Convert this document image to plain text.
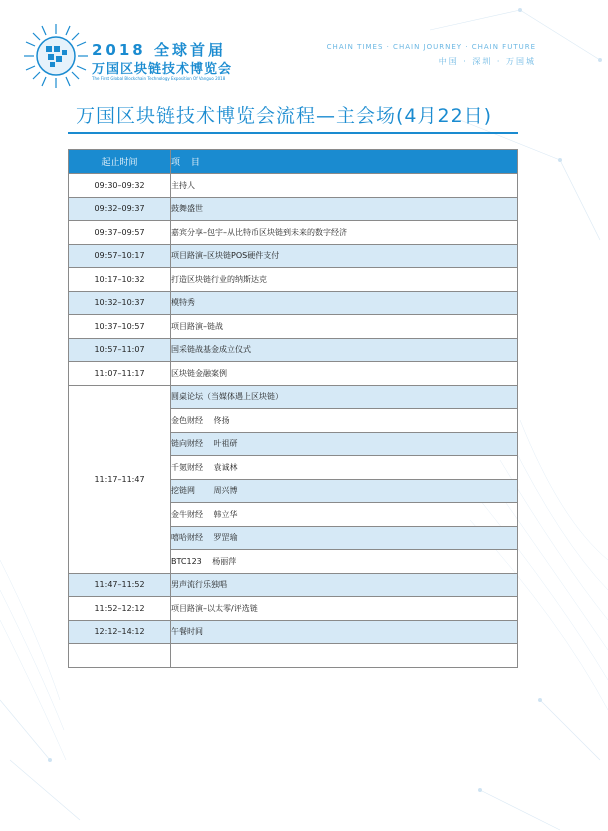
2018 全球首届
万国区块链技术博览会
The First Global Blockchain Technology Exposition Of Vanguo 2018
CHAIN TIMES · CHAIN JOURNEY · CHAIN FUTURE
中国 · 深圳 · 万国城
万国区块链技术博览会流程—主会场(4月22日)
起止时间	项 目
09:30–09:32	主持人
09:32–09:37	鼓舞盛世
09:37–09:57	嘉宾分享–包宇–从比特币区块链到未来的数字经济
09:57–10:17	项目路演–区块链POS硬件支付
10:17–10:32	打造区块链行业的纳斯达克
10:32–10:37	模特秀
10:37–10:57	项目路演–链战
10:57–11:07	国采链战基金成立仪式
11:07–11:17	区块链金融案例
11:17–11:47	圆桌论坛（当媒体遇上区块链）
	金色财经　 佟扬
	链向财经　 叶祖研
	千氪财经　 袁诚林
	挖链网　　 周兴博
	金牛财经　 韩立华
	嘻哈财经　 罗罡瑜
	BTC123　 杨丽萍
11:47–11:52	男声流行乐独唱
11:52–12:12	项目路演–以太零/评选链
12:12–14:12	午餐时间
